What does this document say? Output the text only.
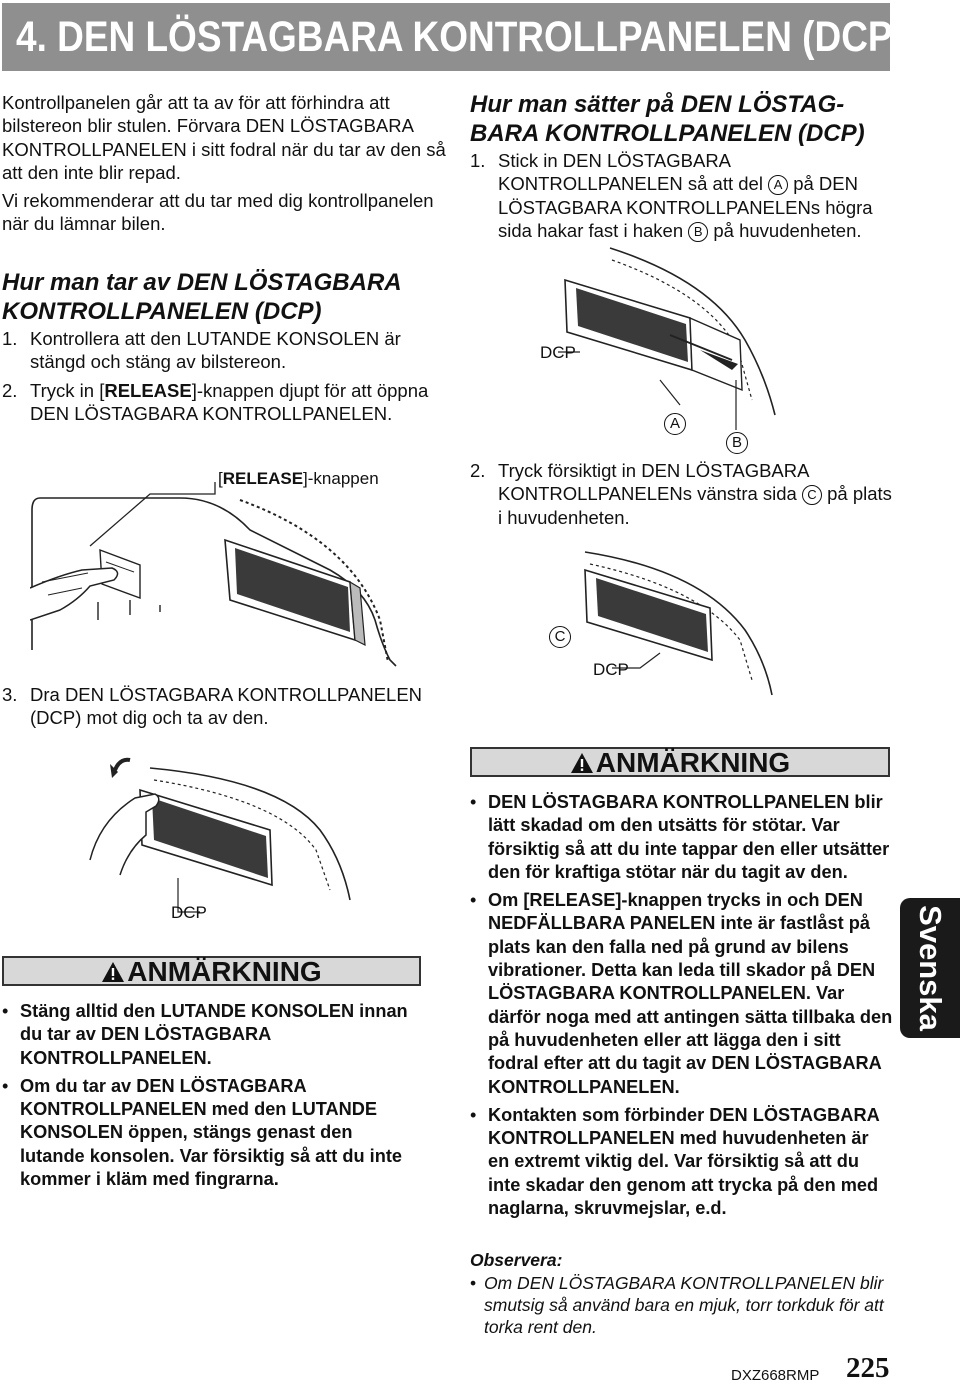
4. DEN LÖSTAGBARA KONTROLLPANELEN (DCP)

Kontrollpanelen går att ta av för att förhindra att bilstereon blir stulen. Förvara DEN LÖSTAGBARA KONTROLLPANELEN i sitt fodral när du tar av den så att den inte blir repad.

Vi rekommenderar att du tar med dig kontrollpanelen när du lämnar bilen.

Hur man tar av DEN LÖSTAGBARA KONTROLLPANELEN (DCP)

1. Kontrollera att den LUTANDE KONSOLEN är stängd och stäng av bilstereon.

2. Tryck in [RELEASE]-knappen djupt för att öppna DEN LÖSTAGBARA KONTROLLPANELEN.

[RELEASE]-knappen

3. Dra DEN LÖSTAGBARA KONTROLLPANELEN (DCP) mot dig och ta av den.

DCP
ANMÄRKNING
• Stäng alltid den LUTANDE KONSOLEN innan du tar av DEN LÖSTAGBARA KONTROLLPANELEN.
• Om du tar av DEN LÖSTAGBARA KONTROLLPANELEN med den LUTANDE KONSOLEN öppen, stängs genast den lutande konsolen. Var försiktig så att du inte kommer i kläm med fingrarna.

Hur man sätter på DEN LÖSTAG-BARA KONTROLLPANELEN (DCP)

1. Stick in DEN LÖSTAGBARA KONTROLLPANELEN så att del A på DEN LÖSTAGBARA KONTROLLPANELENs högra sida hakar fast i haken B på huvudenheten.

DCP
A
B

2. Tryck försiktigt in DEN LÖSTAGBARA KONTROLLPANELENs vänstra sida C på plats i huvudenheten.

C
DCP
ANMÄRKNING
• DEN LÖSTAGBARA KONTROLLPANELEN blir lätt skadad om den utsätts för stötar. Var försiktig så att du inte tappar den eller utsätter den för kraftiga stötar när du tagit av den.
• Om [RELEASE]-knappen trycks in och DEN NEDFÄLLBARA PANELEN inte är fastlåst på plats kan den falla ned på grund av bilens vibrationer. Detta kan leda till skador på DEN LÖSTAGBARA KONTROLLPANELEN. Var därför noga med att antingen sätta tillbaka den på huvudenheten eller att lägga den i sitt fodral efter att du tagit av DEN LÖSTAGBARA KONTROLLPANELEN.
• Kontakten som förbinder DEN LÖSTAGBARA KONTROLLPANELEN med huvudenheten är en extremt viktig del. Var försiktig så att du inte skadar den genom att trycka på den med naglarna, skruvmejslar, e.d.
Observera:

• Om DEN LÖSTAGBARA KONTROLLPANELEN blir smutsig så använd bara en mjuk, torr torkduk för att torka rent den.

Svenska
DXZ668RMP 225
